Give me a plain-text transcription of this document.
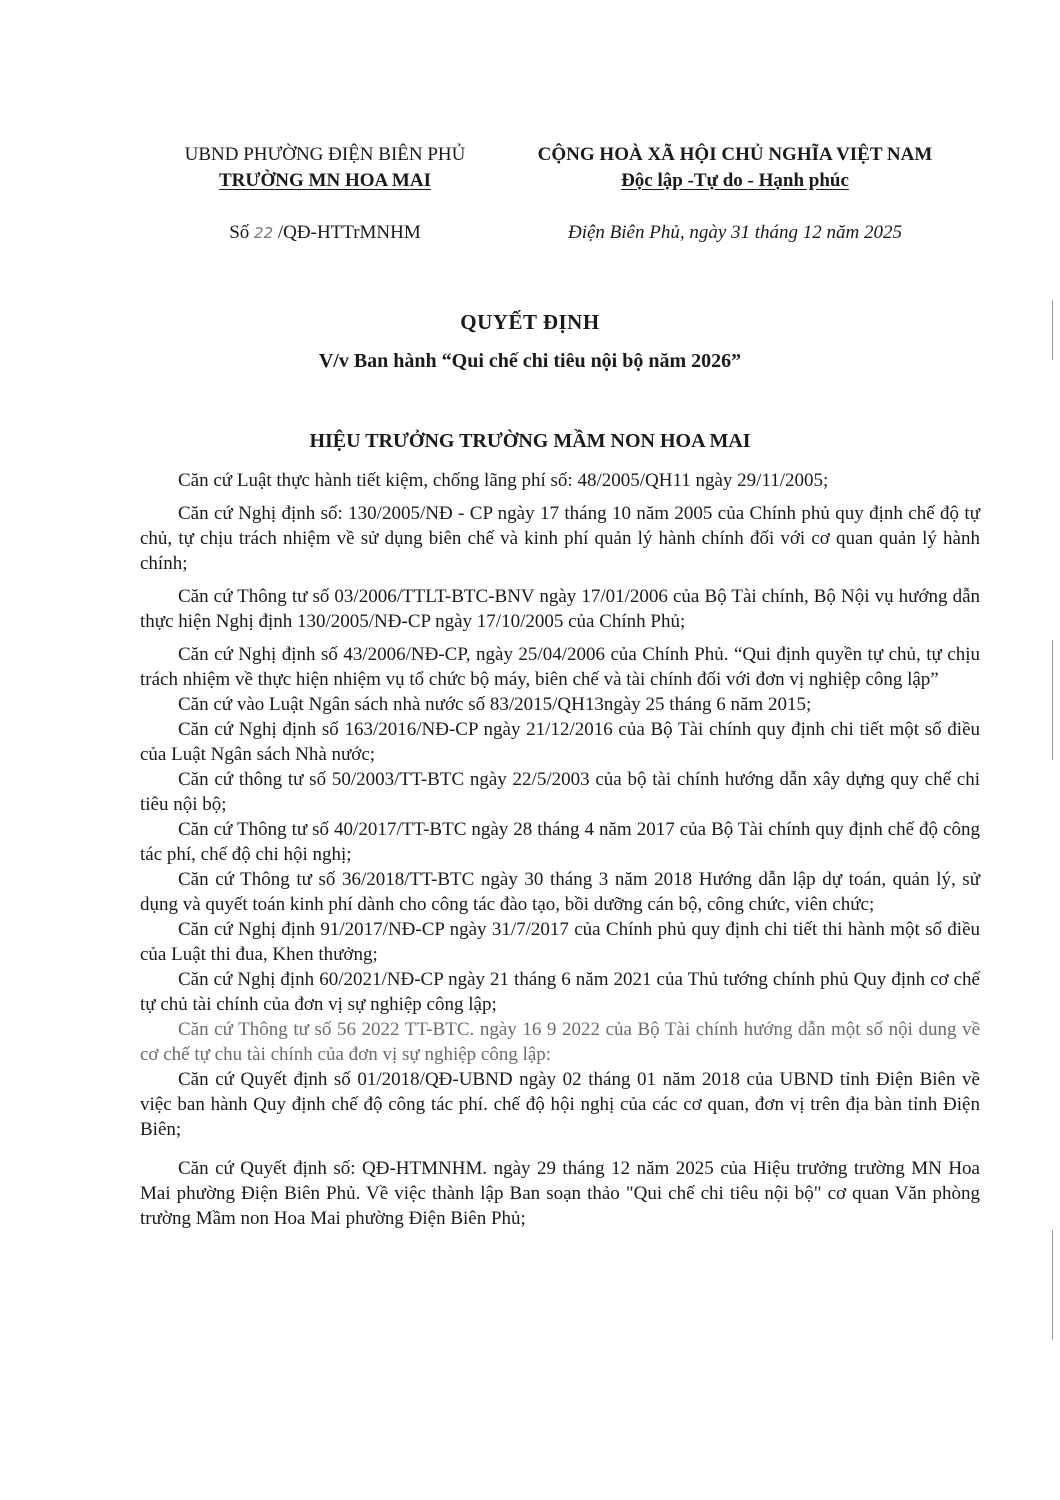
UBND PHƯỜNG ĐIỆN BIÊN PHỦ
TRƯỜNG MN HOA MAI
CỘNG HOÀ XÃ HỘI CHỦ NGHĨA VIỆT NAM
Độc lập -Tự do - Hạnh phúc
Số 22 /QĐ-HTTrMNHM	Điện Biên Phủ, ngày 31 tháng 12 năm 2025
QUYẾT ĐỊNH
V/v Ban hành “Qui chế chi tiêu nội bộ năm 2026”
HIỆU TRƯỞNG TRƯỜNG MẦM NON HOA MAI

Căn cứ Luật thực hành tiết kiệm, chống lãng phí số: 48/2005/QH11 ngày 29/11/2005;

Căn cứ Nghị định số: 130/2005/NĐ - CP ngày 17 tháng 10 năm 2005 của Chính phủ quy định chế độ tự chủ, tự chịu trách nhiệm về sử dụng biên chế và kinh phí quản lý hành chính đối với cơ quan quản lý hành chính;

Căn cứ Thông tư số 03/2006/TTLT-BTC-BNV ngày 17/01/2006 của Bộ Tài chính, Bộ Nội vụ hướng dẫn thực hiện Nghị định 130/2005/NĐ-CP ngày 17/10/2005 của Chính Phủ;

Căn cứ Nghị định số 43/2006/NĐ-CP, ngày 25/04/2006 của Chính Phủ. “Qui định quyền tự chủ, tự chịu trách nhiệm về thực hiện nhiệm vụ tổ chức bộ máy, biên chế và tài chính đối với đơn vị nghiệp công lập”

Căn cứ vào Luật Ngân sách nhà nước số 83/2015/QH13ngày 25 tháng 6 năm 2015;

Căn cứ Nghị định số 163/2016/NĐ-CP ngày 21/12/2016 của Bộ Tài chính quy định chi tiết một số điều của Luật Ngân sách Nhà nước;

Căn cứ thông tư số 50/2003/TT-BTC ngày 22/5/2003 của bộ tài chính hướng dẫn xây dựng quy chế chi tiêu nội bộ;

Căn cứ Thông tư số 40/2017/TT-BTC ngày 28 tháng 4 năm 2017 của Bộ Tài chính quy định chế độ công tác phí, chế độ chi hội nghị;

Căn cứ Thông tư số 36/2018/TT-BTC ngày 30 tháng 3 năm 2018 Hướng dẫn lập dự toán, quản lý, sử dụng và quyết toán kinh phí dành cho công tác đào tạo, bồi dưỡng cán bộ, công chức, viên chức;

Căn cứ Nghị định 91/2017/NĐ-CP ngày 31/7/2017 của Chính phủ quy định chi tiết thi hành một số điều của Luật thi đua, Khen thưởng;

Căn cứ Nghị định 60/2021/NĐ-CP ngày 21 tháng 6 năm 2021 của Thủ tướng chính phủ Quy định cơ chế tự chủ tài chính của đơn vị sự nghiệp công lập;

Căn cứ Thông tư số 56 2022 TT-BTC. ngày 16 9 2022 của Bộ Tài chính hướng dẫn một số nội dung về cơ chế tự chu tài chính của đơn vị sự nghiệp công lập:

Căn cứ Quyết định số 01/2018/QĐ-UBND ngày 02 tháng 01 năm 2018 của UBND tỉnh Điện Biên về việc ban hành Quy định chế độ công tác phí. chế độ hội nghị của các cơ quan, đơn vị trên địa bàn tỉnh Điện Biên;

Căn cứ Quyết định số: QĐ-HTMNHM. ngày 29 tháng 12 năm 2025 của Hiệu trưởng trường MN Hoa Mai phường Điện Biên Phủ. Về việc thành lập Ban soạn thảo "Qui chế chi tiêu nội bộ" cơ quan Văn phòng trường Mầm non Hoa Mai phường Điện Biên Phủ;
